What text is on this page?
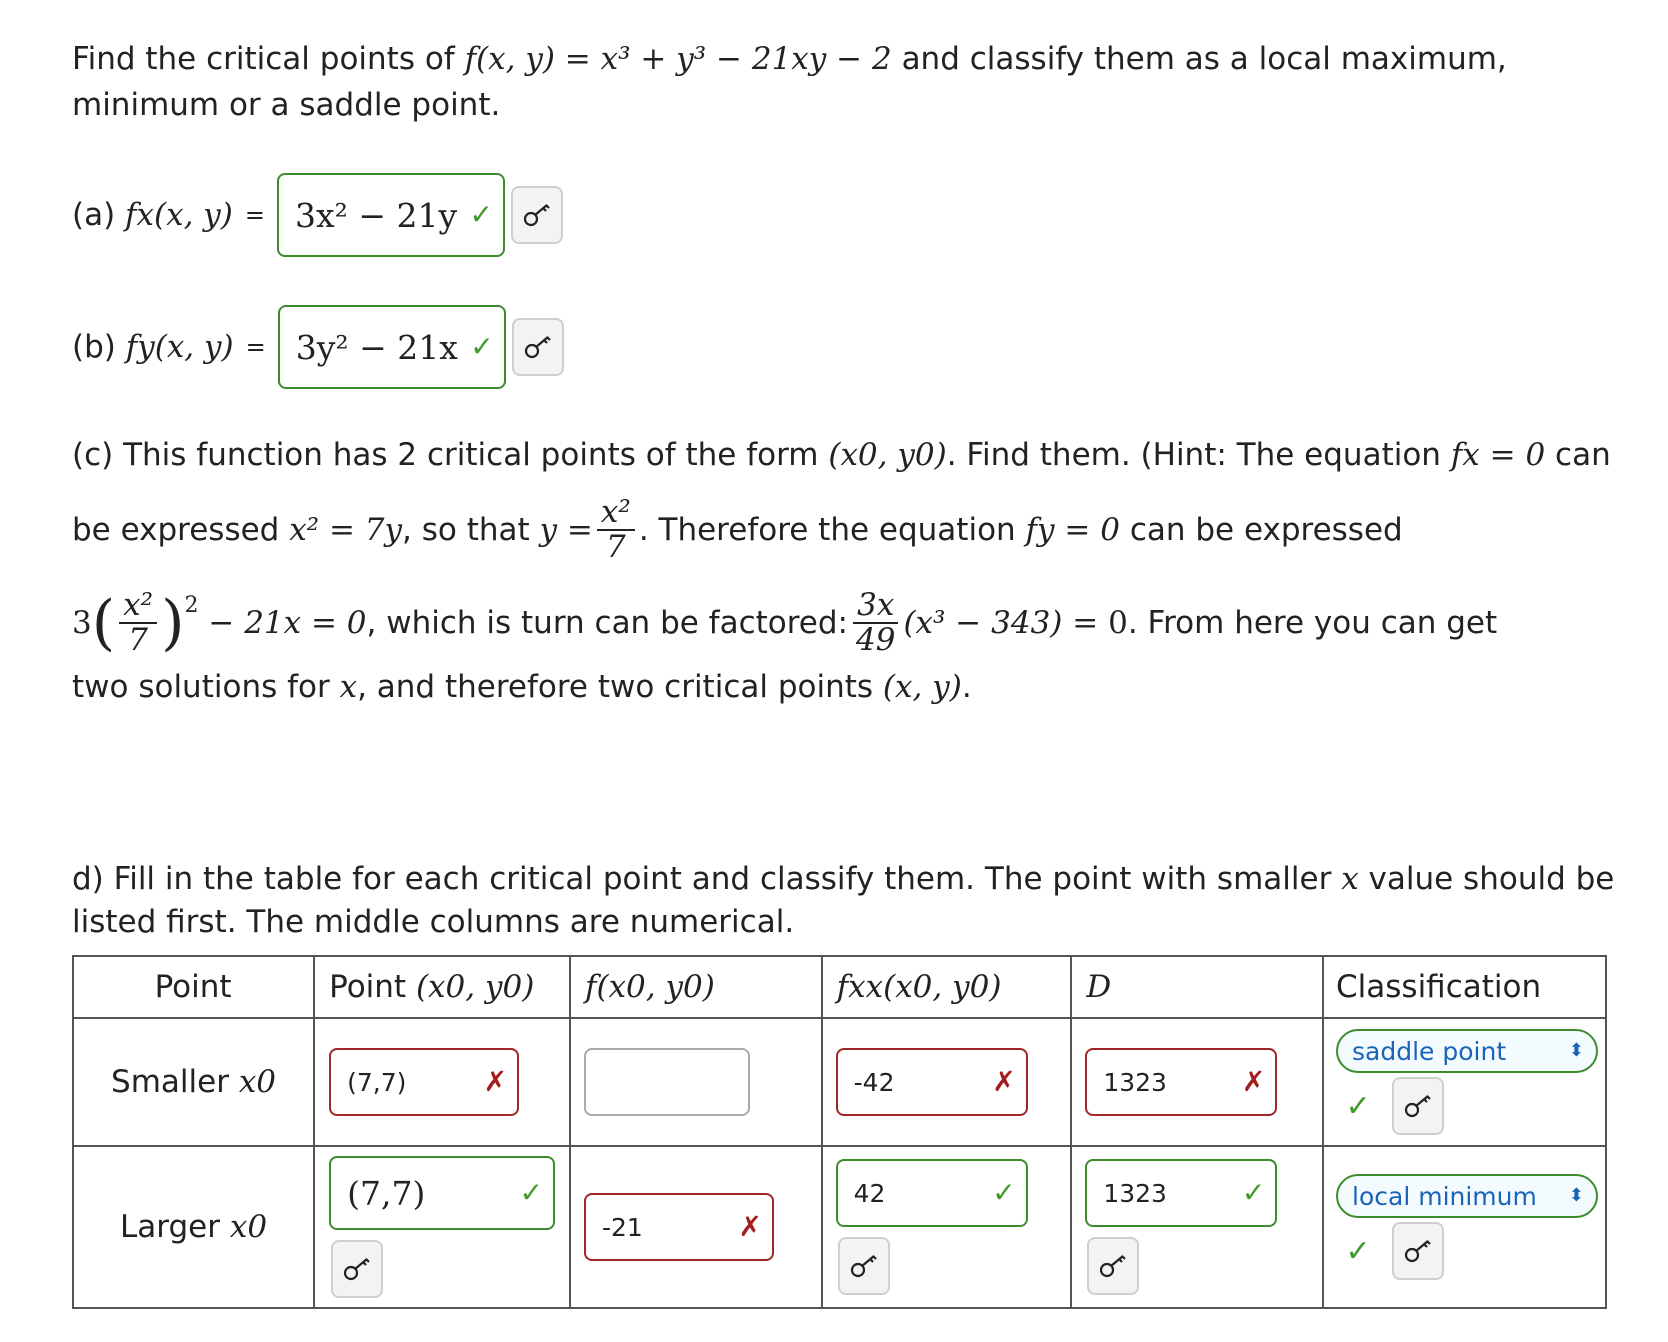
Find the critical points of f(x, y) = x³ + y³ − 21xy − 2 and classify them as a local maximum,
minimum or a saddle point.
(a)
fx(x, y) = 3x² − 21y ✓
(b)
fy(x, y) = 3y² − 21x ✓
(c) This function has 2 critical points of the form (x0, y0). Find them. (Hint: The equation fx = 0 can
be expressed
x² = 7y , so that
$y = \frac{\text{x²}}{7}$ . Therefore the equation
fy = 0
can be expressed
3 ( $\frac{\text{x²}}{7} )^2$
− 21x = 0 , which is turn can be factored: $\frac{3x}{49} (x^3 - 343)$
= 0 . From here you can get
two solutions for x, and therefore two critical points (x, y).
d) Fill in the table for each critical point and classify them. The point with smaller x value should be
listed first. The middle columns are numerical.
Point	Point (x0, y0)	f(x0, y0)	fxx(x0, y0)	D	Classification
Smaller x0	(7,7) ✗		-42 ✗	1323 ✗	saddle point ⬍
✓

Larger x0	(7,7) ✓	-21 ✗	42 ✓	1323 ✓	local minimum ⬍
✓
